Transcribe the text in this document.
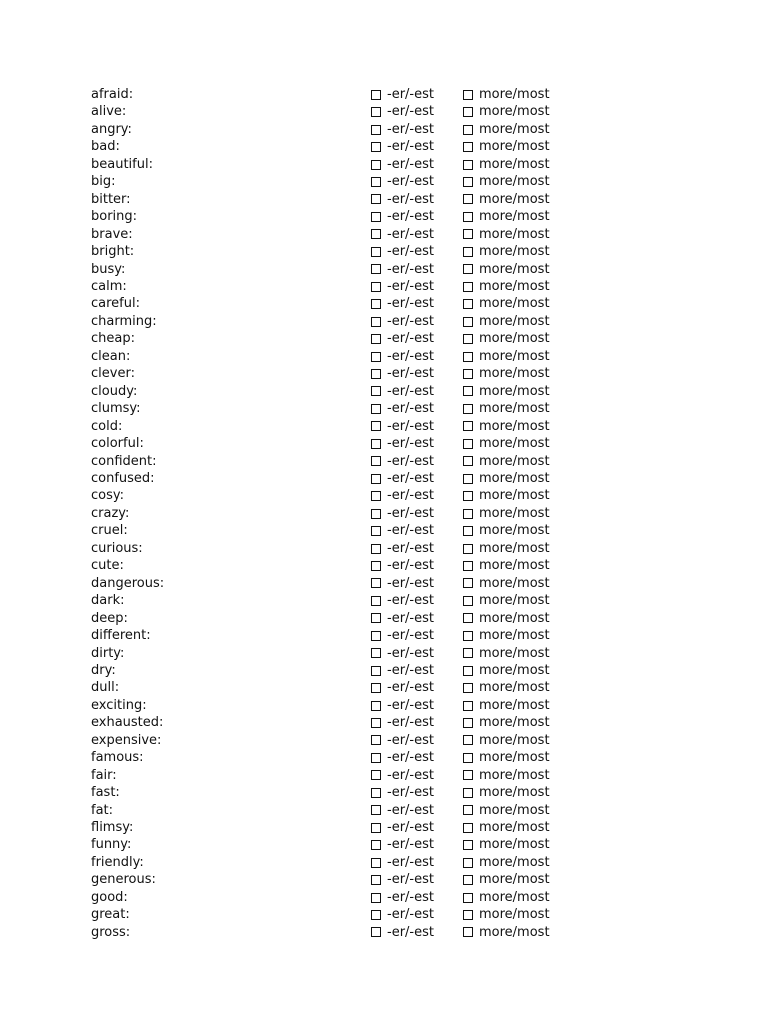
afraid:	-er/-est	more/most
alive:	-er/-est	more/most
angry:	-er/-est	more/most
bad:	-er/-est	more/most
beautiful:	-er/-est	more/most
big:	-er/-est	more/most
bitter:	-er/-est	more/most
boring:	-er/-est	more/most
brave:	-er/-est	more/most
bright:	-er/-est	more/most
busy:	-er/-est	more/most
calm:	-er/-est	more/most
careful:	-er/-est	more/most
charming:	-er/-est	more/most
cheap:	-er/-est	more/most
clean:	-er/-est	more/most
clever:	-er/-est	more/most
cloudy:	-er/-est	more/most
clumsy:	-er/-est	more/most
cold:	-er/-est	more/most
colorful:	-er/-est	more/most
confident:	-er/-est	more/most
confused:	-er/-est	more/most
cosy:	-er/-est	more/most
crazy:	-er/-est	more/most
cruel:	-er/-est	more/most
curious:	-er/-est	more/most
cute:	-er/-est	more/most
dangerous:	-er/-est	more/most
dark:	-er/-est	more/most
deep:	-er/-est	more/most
different:	-er/-est	more/most
dirty:	-er/-est	more/most
dry:	-er/-est	more/most
dull:	-er/-est	more/most
exciting:	-er/-est	more/most
exhausted:	-er/-est	more/most
expensive:	-er/-est	more/most
famous:	-er/-est	more/most
fair:	-er/-est	more/most
fast:	-er/-est	more/most
fat:	-er/-est	more/most
flimsy:	-er/-est	more/most
funny:	-er/-est	more/most
friendly:	-er/-est	more/most
generous:	-er/-est	more/most
good:	-er/-est	more/most
great:	-er/-est	more/most
gross:	-er/-est	more/most
